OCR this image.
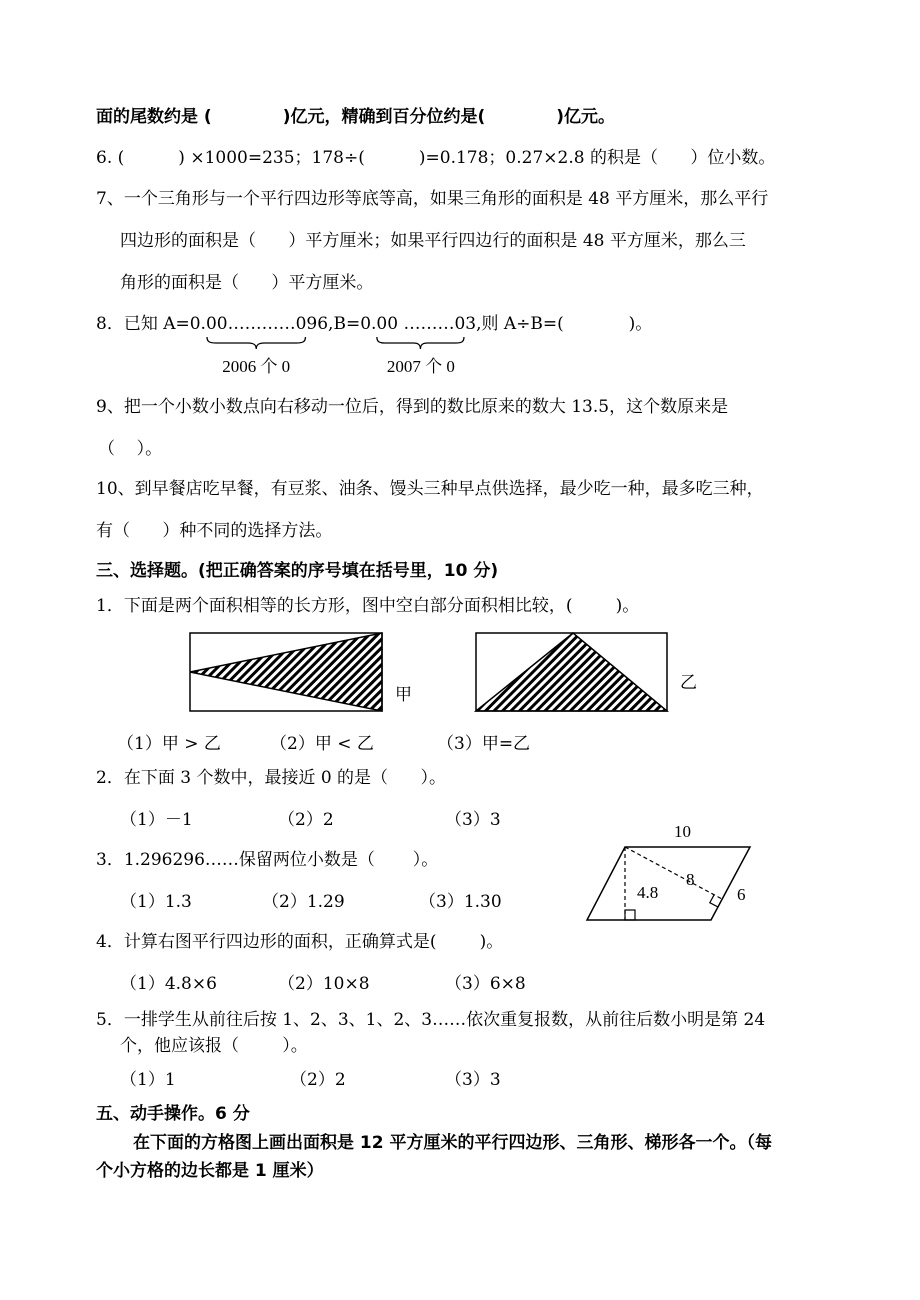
面的尾数约是 (            )亿元，精确到百分位约是(            )亿元。
6. (          ) ×1000=235；178÷(          )=0.178；0.27×2.8 的积是（      ）位小数。
7、一个三角形与一个平行四边形等底等高，如果三角形的面积是 48 平方厘米，那么平行
四边形的面积是（      ）平方厘米；如果平行四边行的面积是 48 平方厘米，那么三
角形的面积是（      ）平方厘米。
8．已知 A=0.00…………0
2006 个 0
96,B=0.00 ………0
2007 个 0
3,则 A÷B=(            )。
9、把一个小数小数点向右移动一位后，得到的数比原来的数大 13.5，这个数原来是
（    ）。
10、到早餐店吃早餐，有豆浆、油条、馒头三种早点供选择，最少吃一种，最多吃三种，
有（      ）种不同的选择方法。
三、选择题。(把正确答案的序号填在括号里，10 分)
1．下面是两个面积相等的长方形，图中空白部分面积相比较，(        )。
甲
乙
（1）甲 > 乙	（2）甲 < 乙	（3）甲=乙
2．在下面 3 个数中，最接近 0 的是（      ）。
（1）－1	（2）2	（3）3
10
4.8
8
6
3．1.296296……保留两位小数是（       ）。
（1）1.3	（2）1.29	（3）1.30
4．计算右图平行四边形的面积，正确算式是(        )。
（1）4.8×6	（2）10×8	（3）6×8
5．一排学生从前往后按 1、2、3、1、2、3……依次重复报数，从前往后数小明是第 24
个，他应该报（        ）。
（1）1	（2）2	（3）3
五、动手操作。6 分
在下面的方格图上画出面积是 12 平方厘米的平行四边形、三角形、梯形各一个。（每
个小方格的边长都是 1 厘米）
